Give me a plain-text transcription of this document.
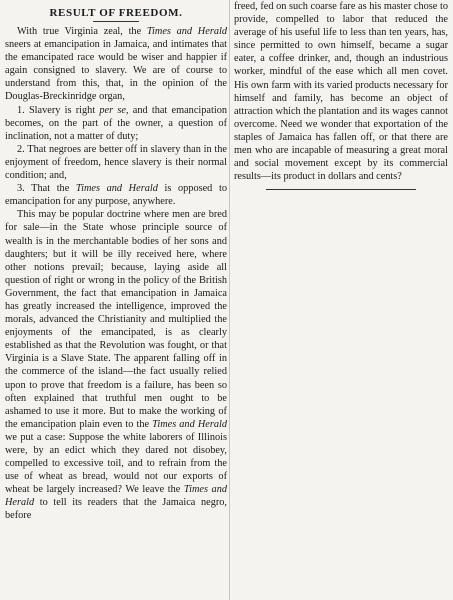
RESULT OF FREEDOM.

With true Virginia zeal, the Times and Herald sneers at emancipation in Jamaica, and intimates that the emancipated race would be wiser and happier if again consigned to slavery. We are of course to understand from this, that, in the opinion of the Douglas-Breckinridge organ,

1. Slavery is right per se, and that emancipation becomes, on the part of the owner, a question of inclination, not a matter of duty;

2. That negroes are better off in slavery than in the enjoyment of freedom, hence slavery is their normal condition; and,

3. That the Times and Herald is opposed to emancipation for any purpose, anywhere.

This may be popular doctrine where men are bred for sale—in the State whose principle source of wealth is in the merchantable bodies of her sons and daughters; but it will be illy received here, where other notions prevail; because, laying aside all question of right or wrong in the policy of the British Government, the fact that emancipation in Jamaica has greatly increased the intelligence, improved the morals, advanced the Christianity and multiplied the enjoyments of the emancipated, is as clearly established as that the Revolution was fought, or that Virginia is a Slave State. The apparent falling off in the commerce of the island—the fact usually relied upon to prove that freedom is a failure, has been so often explained that truthful men ought to be ashamed to use it more. But to make the working of the emancipation plain even to the Times and Herald we put a case: Suppose the white laborers of Illinois were, by an edict which they dared not disobey, compelled to excessive toil, and to refrain from the use of wheat as bread, would not our exports of wheat be largely increased? We leave the Times and Herald to tell its readers that the Jamaica negro, before

freed, fed on such coarse fare as his master chose to provide, compelled to labor that reduced the average of his useful life to less than ten years, has, since permitted to own himself, became a sugar eater, a coffee drinker, and, though an industrious worker, mindful of the ease which all men covet. His own farm with its varied products necessary for himself and family, has become an object of attraction which the plantation and its wages cannot overcome. Need we wonder that exportation of the staples of Jamaica has fallen off, or that there are men who are incapable of measuring a great moral and social movement except by its commercial results—its product in dollars and cents?
